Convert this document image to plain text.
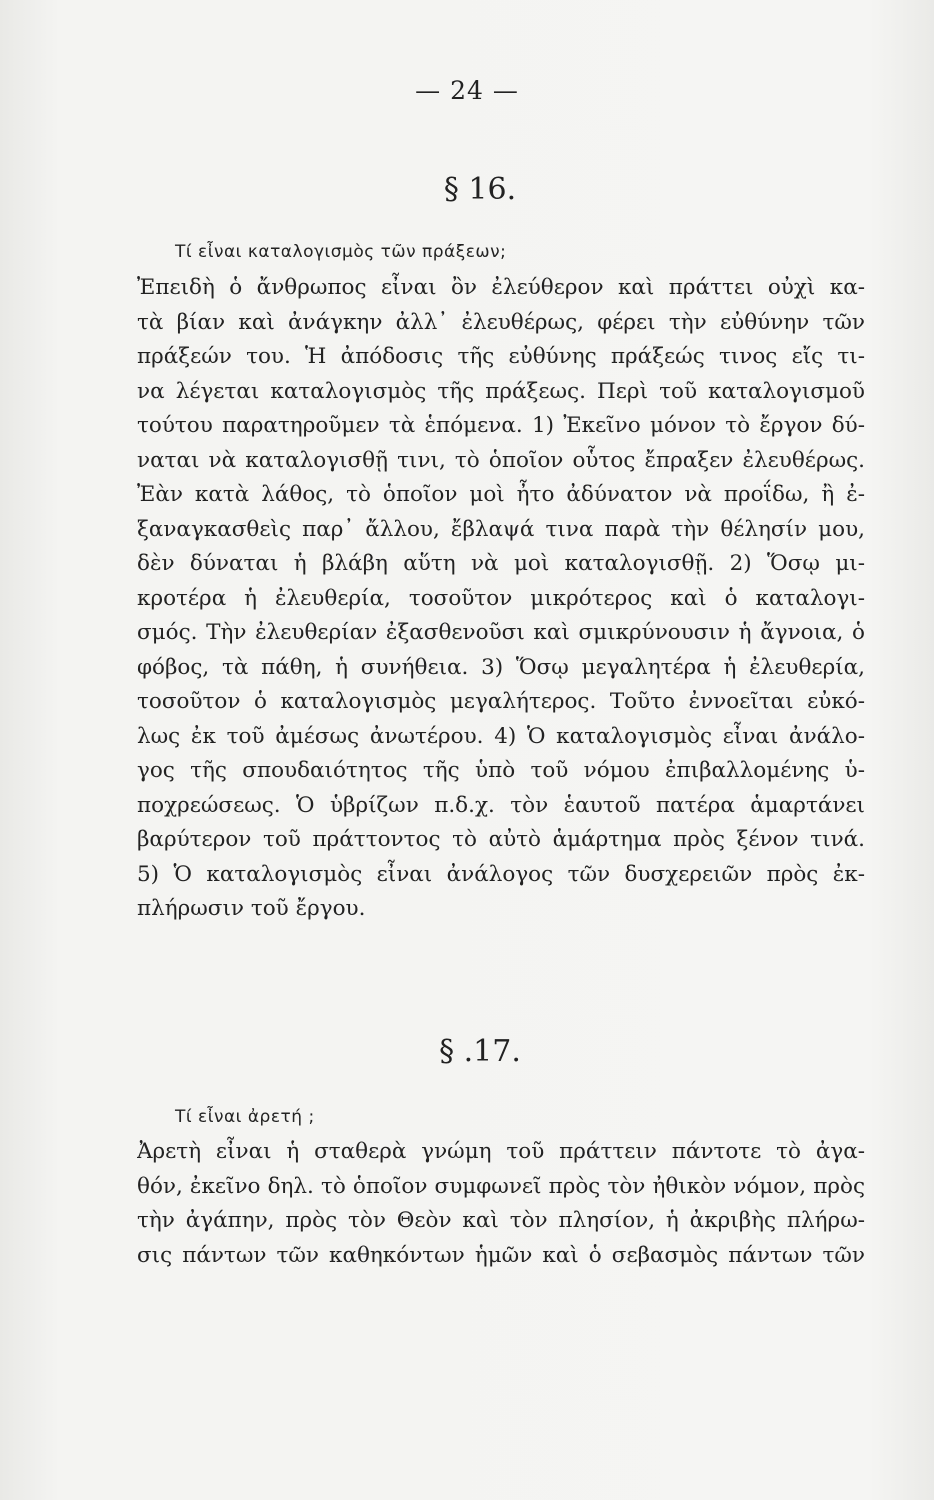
— 24 —
§ 16.
Τί εἶναι καταλογισμὸς τῶν πράξεων;
Ἐπειδὴ ὁ ἄνθρωπος εἶναι ὂν ἐλεύθερον καὶ πράττει οὐχὶ κα-
τὰ βίαν καὶ ἀνάγκην ἀλλ᾽ ἐλευθέρως, φέρει τὴν εὐθύνην τῶν
πράξεών του. Ἡ ἀπόδοσις τῆς εὐθύνης πράξεώς τινος εἴς τι-
να λέγεται καταλογισμὸς τῆς πράξεως. Περὶ τοῦ καταλογισμοῦ
τούτου παρατηροῦμεν τὰ ἑπόμενα. 1) Ἐκεῖνο μόνον τὸ ἔργον δύ-
ναται νὰ καταλογισθῇ τινι, τὸ ὁποῖον οὗτος ἔπραξεν ἐλευθέρως.
Ἐὰν κατὰ λάθος, τὸ ὁποῖον μοὶ ἦτο ἀδύνατον νὰ προΐδω, ἢ ἐ-
ξαναγκασθεὶς παρ᾽ ἄλλου, ἔβλαψά τινα παρὰ τὴν θέλησίν μου,
δὲν δύναται ἡ βλάβη αὕτη νὰ μοὶ καταλογισθῇ. 2) Ὅσῳ μι-
κροτέρα ἡ ἐλευθερία, τοσοῦτον μικρότερος καὶ ὁ καταλογι-
σμός. Τὴν ἐλευθερίαν ἐξασθενοῦσι καὶ σμικρύνουσιν ἡ ἄγνοια, ὁ
φόβος, τὰ πάθη, ἡ συνήθεια. 3) Ὅσῳ μεγαλητέρα ἡ ἐλευθερία,
τοσοῦτον ὁ καταλογισμὸς μεγαλήτερος. Τοῦτο ἐννοεῖται εὐκό-
λως ἐκ τοῦ ἀμέσως ἀνωτέρου. 4) Ὁ καταλογισμὸς εἶναι ἀνάλο-
γος τῆς σπουδαιότητος τῆς ὑπὸ τοῦ νόμου ἐπιβαλλομένης ὑ-
ποχρεώσεως. Ὁ ὑβρίζων π.δ.χ. τὸν ἑαυτοῦ πατέρα ἁμαρτάνει
βαρύτερον τοῦ πράττοντος τὸ αὐτὸ ἁμάρτημα πρὸς ξένον τινά.
5) Ὁ καταλογισμὸς εἶναι ἀνάλογος τῶν δυσχερειῶν πρὸς ἐκ-
πλήρωσιν τοῦ ἔργου.
§ .17.
Τί εἶναι ἀρετή ;
Ἀρετὴ εἶναι ἡ σταθερὰ γνώμη τοῦ πράττειν πάντοτε τὸ ἀγα-
θόν, ἐκεῖνο δηλ. τὸ ὁποῖον συμφωνεῖ πρὸς τὸν ἠθικὸν νόμον, πρὸς
τὴν ἀγάπην, πρὸς τὸν Θεὸν καὶ τὸν πλησίον, ἡ ἀκριβὴς πλήρω-
σις πάντων τῶν καθηκόντων ἡμῶν καὶ ὁ σεβασμὸς πάντων τῶν
